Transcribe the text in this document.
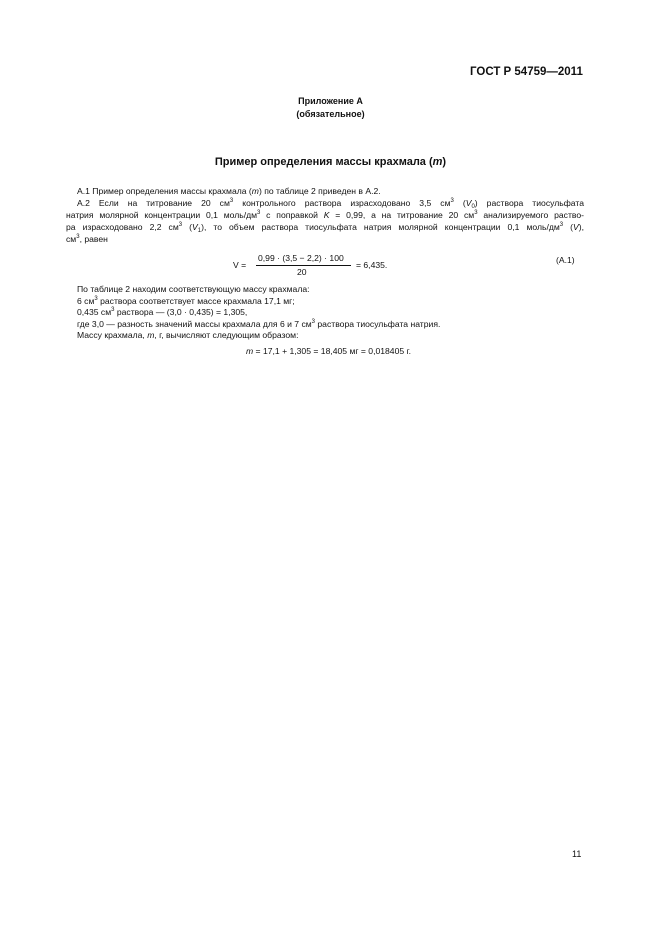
ГОСТ Р 54759—2011
Приложение А
(обязательное)
Пример определения массы крахмала (m)
А.1 Пример определения массы крахмала (m) по таблице 2 приведен в А.2.
А.2 Если на титрование 20 $см^3$ контрольного раствора израсходовано 3,5 $см^3$ $(V_0)$ раствора тиосульфата
натрия молярной концентрации 0,1 моль/$дм^3$ с поправкой K = 0,99, а на титрование 20 $см^3$ анализируемого раство-
ра израсходовано 2,2 $см^3$ $(V_1)$, то объем раствора тиосульфата натрия молярной концентрации 0,1 моль/$дм^3$ (V),
$см^3$, равен
По таблице 2 находим соответствующую массу крахмала:
6 $см^3$ раствора соответствует массе крахмала 17,1 мг;
0,435 $см^3$ раствора — (3,0 · 0,435) = 1,305,
где 3,0 — разность значений массы крахмала для 6 и 7 $см^3$ раствора тиосульфата натрия.
Массу крахмала, m, г, вычисляют следующим образом:
V =
0,99 · (3,5 − 2,2) · 100
20
= 6,435.	(А.1)
m = 17,1 + 1,305 = 18,405 мг = 0,018405 г.
11
